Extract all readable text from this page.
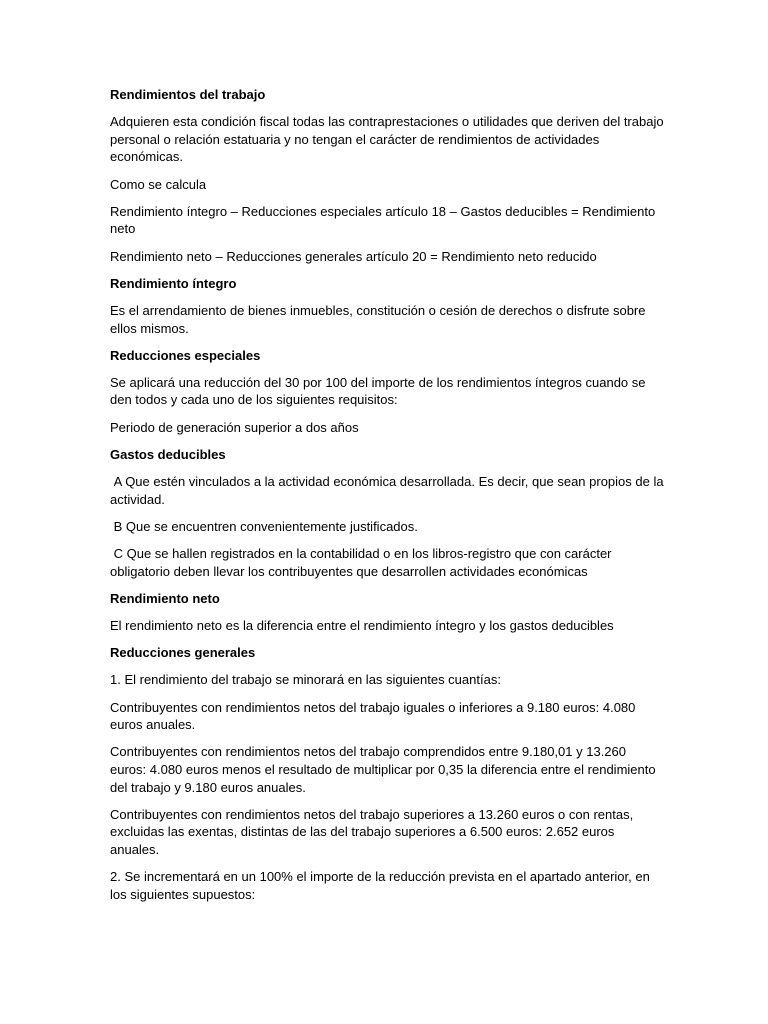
Rendimientos del trabajo

Adquieren esta condición fiscal todas las contraprestaciones o utilidades que deriven del trabajo personal o relación estatuaria y no tengan el carácter de rendimientos de actividades económicas.

Como se calcula

Rendimiento íntegro – Reducciones especiales artículo 18 – Gastos deducibles = Rendimiento neto

Rendimiento neto – Reducciones generales artículo 20 = Rendimiento neto reducido

Rendimiento íntegro

Es el arrendamiento de bienes inmuebles, constitución o cesión de derechos o disfrute sobre ellos mismos.

Reducciones especiales

Se aplicará una reducción del 30 por 100 del importe de los rendimientos íntegros cuando se den todos y cada uno de los siguientes requisitos:

Periodo de generación superior a dos años

Gastos deducibles

A Que estén vinculados a la actividad económica desarrollada. Es decir, que sean propios de la actividad.

B Que se encuentren convenientemente justificados.

C Que se hallen registrados en la contabilidad o en los libros-registro que con carácter obligatorio deben llevar los contribuyentes que desarrollen actividades económicas

Rendimiento neto

El rendimiento neto es la diferencia entre el rendimiento íntegro y los gastos deducibles

Reducciones generales

1. El rendimiento del trabajo se minorará en las siguientes cuantías:

Contribuyentes con rendimientos netos del trabajo iguales o inferiores a 9.180 euros: 4.080 euros anuales.

Contribuyentes con rendimientos netos del trabajo comprendidos entre 9.180,01 y 13.260 euros: 4.080 euros menos el resultado de multiplicar por 0,35 la diferencia entre el rendimiento del trabajo y 9.180 euros anuales.

Contribuyentes con rendimientos netos del trabajo superiores a 13.260 euros o con rentas, excluidas las exentas, distintas de las del trabajo superiores a 6.500 euros: 2.652 euros anuales.

2. Se incrementará en un 100% el importe de la reducción prevista en el apartado anterior, en los siguientes supuestos:
